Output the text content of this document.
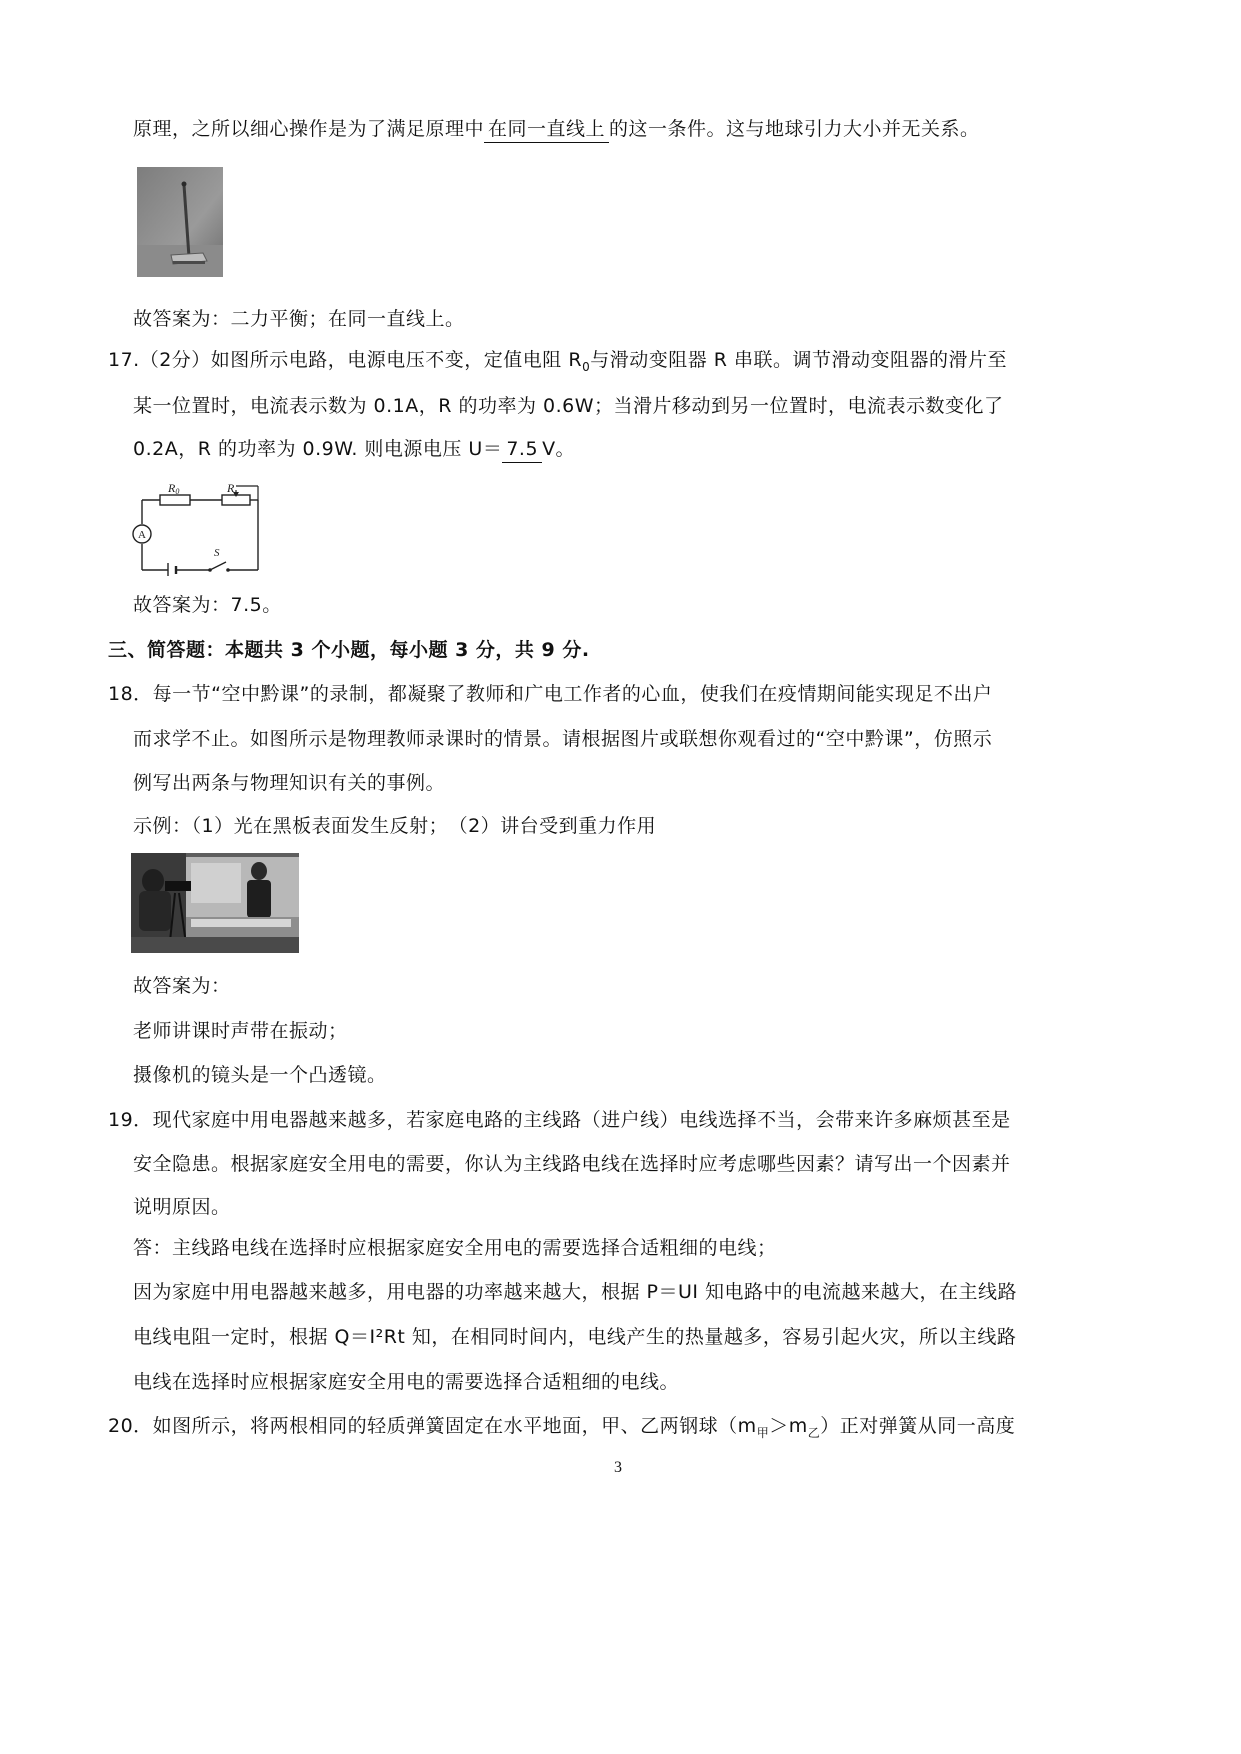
原理，之所以细心操作是为了满足原理中 在同一直线上 的这一条件。这与地球引力大小并无关系。
故答案为：二力平衡；在同一直线上。
17.（2分）如图所示电路，电源电压不变，定值电阻 $R_0$与滑动变阻器 R 串联。调节滑动变阻器的滑片至
某一位置时，电流表示数为 0.1A，R 的功率为 0.6W；当滑片移动到另一位置时，电流表示数变化了
0.2A，R 的功率为 0.9W. 则电源电压 U＝ 7.5 V。
R0	R
A
S
故答案为：7.5。
三、简答题：本题共 3 个小题，每小题 3 分，共 9 分.
18．每一节“空中黔课”的录制，都凝聚了教师和广电工作者的心血，使我们在疫情期间能实现足不出户
而求学不止。如图所示是物理教师录课时的情景。请根据图片或联想你观看过的“空中黔课”，仿照示
例写出两条与物理知识有关的事例。
示例：（1）光在黑板表面发生反射；　（2）讲台受到重力作用
故答案为：
老师讲课时声带在振动；
摄像机的镜头是一个凸透镜。
19．现代家庭中用电器越来越多，若家庭电路的主线路（进户线）电线选择不当，会带来许多麻烦甚至是
安全隐患。根据家庭安全用电的需要，你认为主线路电线在选择时应考虑哪些因素？请写出一个因素并
说明原因。
答：主线路电线在选择时应根据家庭安全用电的需要选择合适粗细的电线；
因为家庭中用电器越来越多，用电器的功率越来越大，根据 P＝UI 知电路中的电流越来越大，在主线路
电线电阻一定时，根据 Q＝I²Rt 知，在相同时间内，电线产生的热量越多，容易引起火灾，所以主线路
电线在选择时应根据家庭安全用电的需要选择合适粗细的电线。
20．如图所示，将两根相同的轻质弹簧固定在水平地面，甲、乙两钢球$(m_甲>m_乙)$正对弹簧从同一高度
3
